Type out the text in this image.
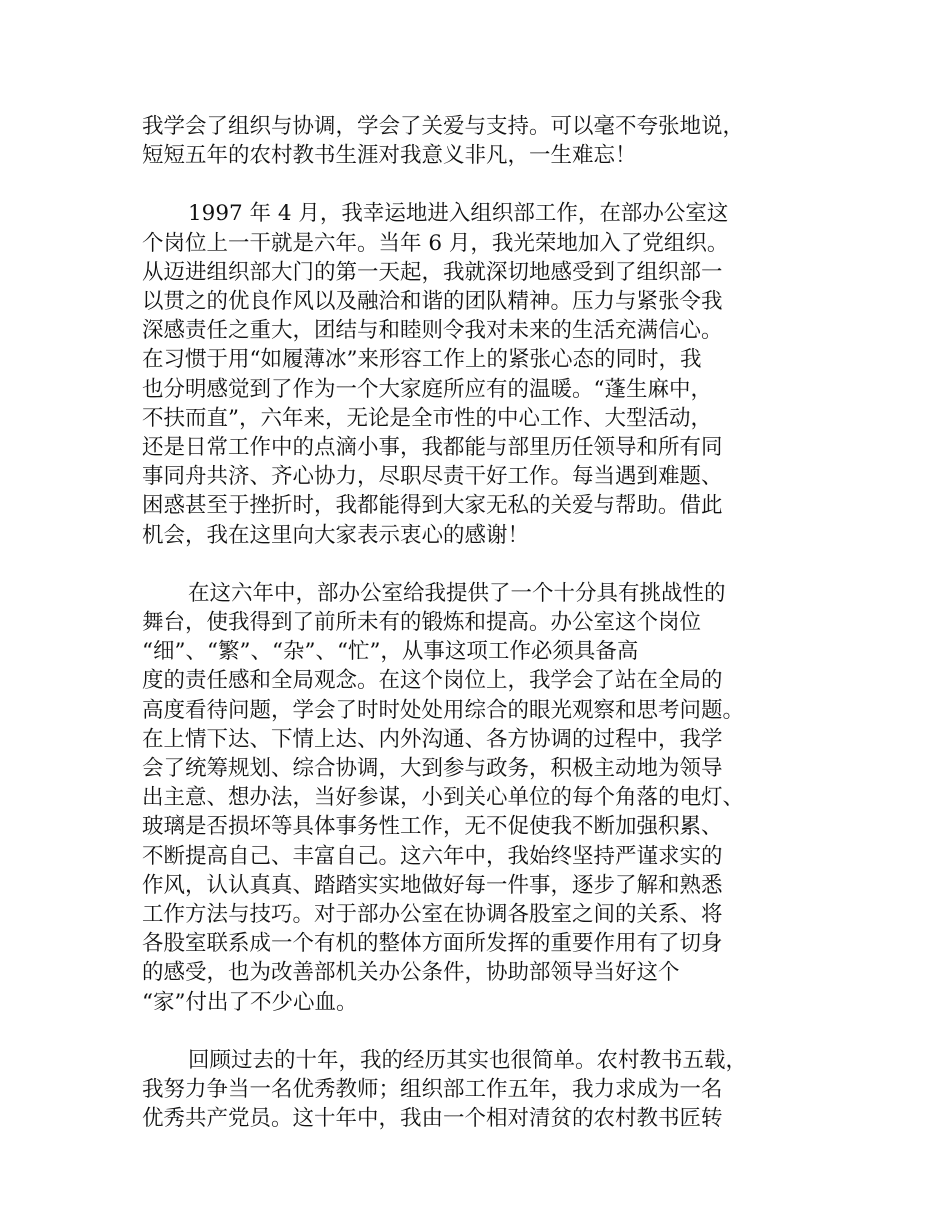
我学会了组织与协调，学会了关爱与支持。可以毫不夸张地说，
短短五年的农村教书生涯对我意义非凡，一生难忘！

1997 年 4 月，我幸运地进入组织部工作，在部办公室这
个岗位上一干就是六年。当年 6 月，我光荣地加入了党组织。
从迈进组织部大门的第一天起，我就深切地感受到了组织部一
以贯之的优良作风以及融洽和谐的团队精神。压力与紧张令我
深感责任之重大，团结与和睦则令我对未来的生活充满信心。
在习惯于用“如履薄冰”来形容工作上的紧张心态的同时，我
也分明感觉到了作为一个大家庭所应有的温暖。“蓬生麻中，
不扶而直”，六年来，无论是全市性的中心工作、大型活动，
还是日常工作中的点滴小事，我都能与部里历任领导和所有同
事同舟共济、齐心协力，尽职尽责干好工作。每当遇到难题、
困惑甚至于挫折时，我都能得到大家无私的关爱与帮助。借此
机会，我在这里向大家表示衷心的感谢！

在这六年中，部办公室给我提供了一个十分具有挑战性的
舞台，使我得到了前所未有的锻炼和提高。办公室这个岗位
“细”、“繁”、“杂”、“忙”，从事这项工作必须具备高
度的责任感和全局观念。在这个岗位上，我学会了站在全局的
高度看待问题，学会了时时处处用综合的眼光观察和思考问题。
在上情下达、下情上达、内外沟通、各方协调的过程中，我学
会了统筹规划、综合协调，大到参与政务，积极主动地为领导
出主意、想办法，当好参谋，小到关心单位的每个角落的电灯、
玻璃是否损坏等具体事务性工作，无不促使我不断加强积累、
不断提高自己、丰富自己。这六年中，我始终坚持严谨求实的
作风，认认真真、踏踏实实地做好每一件事，逐步了解和熟悉
工作方法与技巧。对于部办公室在协调各股室之间的关系、将
各股室联系成一个有机的整体方面所发挥的重要作用有了切身
的感受，也为改善部机关办公条件，协助部领导当好这个
“家”付出了不少心血。

回顾过去的十年，我的经历其实也很简单。农村教书五载，
我努力争当一名优秀教师；组织部工作五年，我力求成为一名
优秀共产党员。这十年中，我由一个相对清贫的农村教书匠转
